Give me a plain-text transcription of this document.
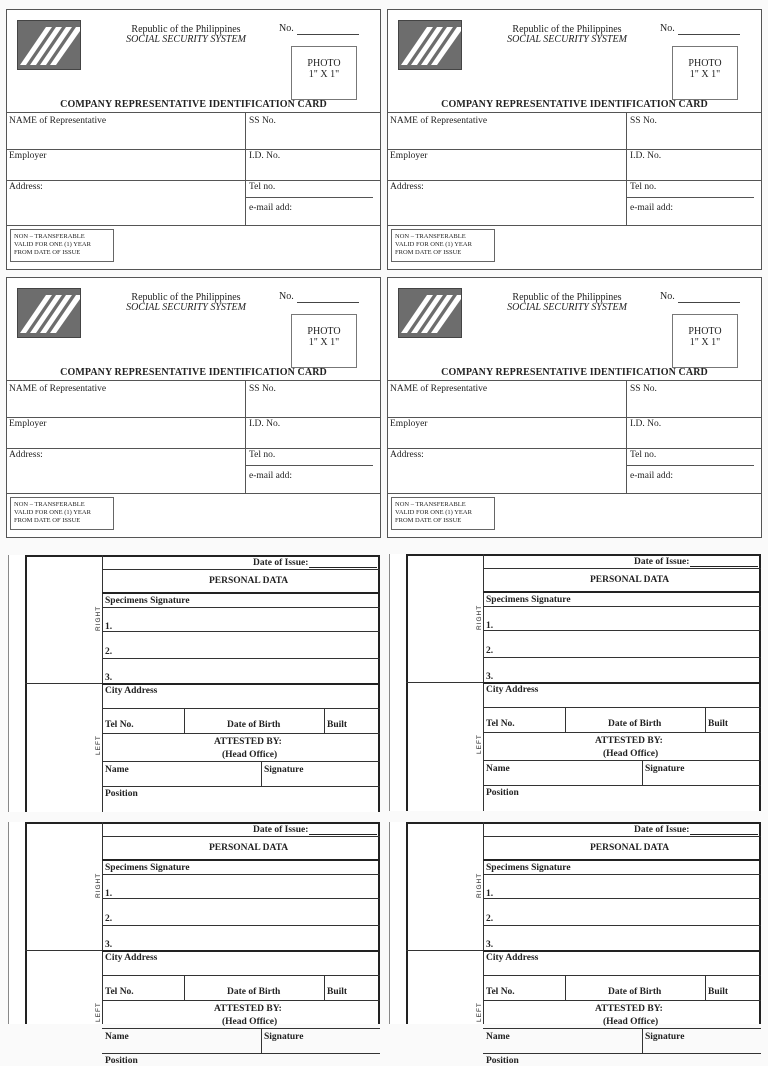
Republic of the Philippines
SOCIAL SECURITY SYSTEM
No.
PHOTO
1" X 1"
COMPANY REPRESENTATIVE IDENTIFICATION CARD
NAME of Representative	SS No.
Employer	I.D. No.
Address:	Tel no.
e-mail add:
NON – TRANSFERABLE
VALID FOR ONE (1) YEAR
FROM DATE OF ISSUE
Republic of the Philippines
SOCIAL SECURITY SYSTEM
No.
PHOTO
1" X 1"
COMPANY REPRESENTATIVE IDENTIFICATION CARD
NAME of Representative	SS No.
Employer	I.D. No.
Address:	Tel no.
e-mail add:
NON – TRANSFERABLE
VALID FOR ONE (1) YEAR
FROM DATE OF ISSUE
Republic of the Philippines
SOCIAL SECURITY SYSTEM
No.
PHOTO
1" X 1"
COMPANY REPRESENTATIVE IDENTIFICATION CARD
NAME of Representative	SS No.
Employer	I.D. No.
Address:	Tel no.
e-mail add:
NON – TRANSFERABLE
VALID FOR ONE (1) YEAR
FROM DATE OF ISSUE
Republic of the Philippines
SOCIAL SECURITY SYSTEM
No.
PHOTO
1" X 1"
COMPANY REPRESENTATIVE IDENTIFICATION CARD
NAME of Representative	SS No.
Employer	I.D. No.
Address:	Tel no.
e-mail add:
NON – TRANSFERABLE
VALID FOR ONE (1) YEAR
FROM DATE OF ISSUE
RIGHT
LEFT
Date of Issue:
PERSONAL DATA
Specimens Signature
1.
2.
3.
City Address
Tel No.	Date of Birth	Built
ATTESTED BY:
(Head Office)
Name	Signature
Position
RIGHT
LEFT
Date of Issue:
PERSONAL DATA
Specimens Signature
1.
2.
3.
City Address
Tel No.	Date of Birth	Built
ATTESTED BY:
(Head Office)
Name	Signature
Position
RIGHT
LEFT
Date of Issue:
PERSONAL DATA
Specimens Signature
1.
2.
3.
City Address
Tel No.	Date of Birth	Built
ATTESTED BY:
(Head Office)
Name	Signature
Position
RIGHT
LEFT
Date of Issue:
PERSONAL DATA
Specimens Signature
1.
2.
3.
City Address
Tel No.	Date of Birth	Built
ATTESTED BY:
(Head Office)
Name	Signature
Position
